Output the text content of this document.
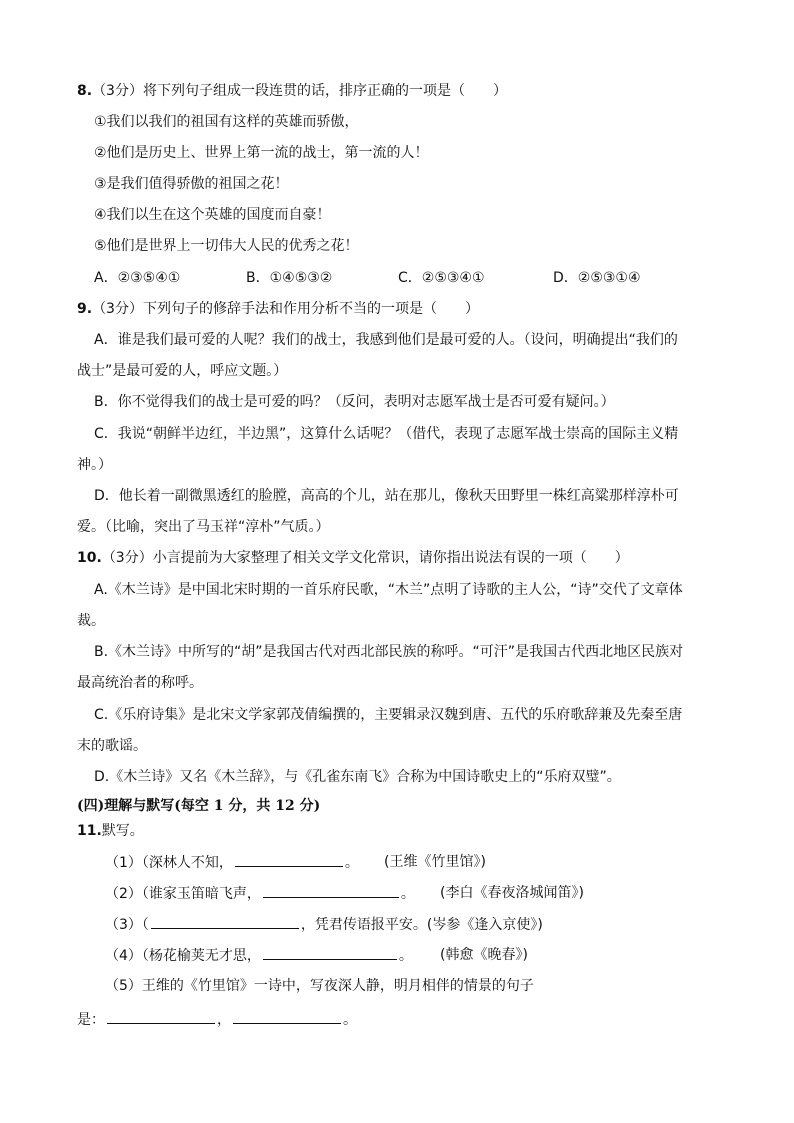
8.（3分）将下列句子组成一段连贯的话，排序正确的一项是（　　）
①我们以我们的祖国有这样的英雄而骄傲，
②他们是历史上、世界上第一流的战士，第一流的人！
③是我们值得骄傲的祖国之花！
④我们以生在这个英雄的国度而自豪！
⑤他们是世界上一切伟大人民的优秀之花！
A．②③⑤④①	B．①④⑤③②	C．②⑤③④①	D．②⑤③①④
9.（3分）下列句子的修辞手法和作用分析不当的一项是（　　）
A．谁是我们最可爱的人呢？我们的战士，我感到他们是最可爱的人。（设问，明确提出“我们的
战士”是最可爱的人，呼应文题。）
B．你不觉得我们的战士是可爱的吗？（反问，表明对志愿军战士是否可爱有疑问。）
C．我说“朝鲜半边红，半边黑”，这算什么话呢？（借代，表现了志愿军战士崇高的国际主义精
神。）
D．他长着一副微黑透红的脸膛，高高的个儿，站在那儿，像秋天田野里一株红高粱那样淳朴可
爱。（比喻，突出了马玉祥“淳朴”气质。）
10.（3分）小言提前为大家整理了相关文学文化常识，请你指出说法有误的一项（　　）
A.《木兰诗》是中国北宋时期的一首乐府民歌，“木兰”点明了诗歌的主人公，“诗”交代了文章体
裁。
B.《木兰诗》中所写的“胡”是我国古代对西北部民族的称呼。“可汗”是我国古代西北地区民族对
最高统治者的称呼。
C.《乐府诗集》是北宋文学家郭茂倩编撰的，主要辑录汉魏到唐、五代的乐府歌辞兼及先秦至唐
末的歌谣。
D.《木兰诗》又名《木兰辞》，与《孔雀东南飞》合称为中国诗歌史上的“乐府双璧”。
(四)理解与默写(每空 1 分，共 12 分)
11.默写。
（1）（深林人不知，	。 (王维《竹里馆》)
（2）（谁家玉笛暗飞声，	。 (李白《春夜洛城闻笛》)
（3）（	，凭君传语报平安。(岑参《逢入京使》)
（4）（杨花榆荚无才思，	。 (韩愈《晚春》)
（5）王维的《竹里馆》一诗中，写夜深人静，明月相伴的情景的句子
是：	，	。
